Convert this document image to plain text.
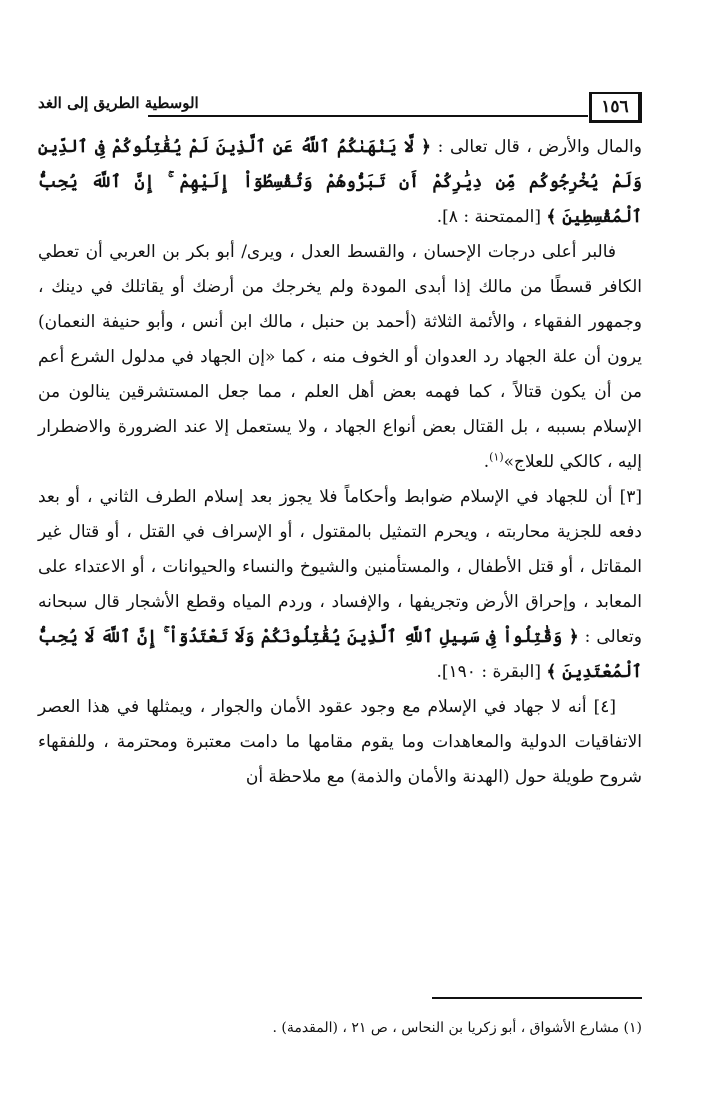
١٥٦
الوسطية الطريق إلى الغد

والمال والأرض ، قال تعالى : ﴿ لَّا يَنْهَىٰكُمُ ٱللَّهُ عَنِ ٱلَّذِينَ لَمْ يُقَٰتِلُوكُمْ فِى ٱلدِّينِ وَلَمْ يُخْرِجُوكُم مِّن دِيَٰرِكُمْ أَن تَبَرُّوهُمْ وَتُقْسِطُوٓاْ إِلَيْهِمْ ۚ إِنَّ ٱللَّهَ يُحِبُّ ٱلْمُقْسِطِينَ ﴾ [الممتحنة : ٨].

فالبر أعلى درجات الإحسان ، والقسط العدل ، ويرى/ أبو بكر بن العربي أن تعطي الكافر قسطًا من مالك إذا أبدى المودة ولم يخرجك من أرضك أو يقاتلك في دينك ، وجمهور الفقهاء ، والأئمة الثلاثة (أحمد بن حنبل ، مالك ابن أنس ، وأبو حنيفة النعمان) يرون أن علة الجهاد رد العدوان أو الخوف منه ، كما «إن الجهاد في مدلول الشرع أعم من أن يكون قتالاً ، كما فهمه بعض أهل العلم ، مما جعل المستشرقين ينالون من الإسلام بسببه ، بل القتال بعض أنواع الجهاد ، ولا يستعمل إلا عند الضرورة والاضطرار إليه ، كالكي للعلاج»$^{(١)}$.

[٣] أن للجهاد في الإسلام ضوابط وأحكاماً فلا يجوز بعد إسلام الطرف الثاني ، أو بعد دفعه للجزية محاربته ، ويحرم التمثيل بالمقتول ، أو الإسراف في القتل ، أو قتال غير المقاتل ، أو قتل الأطفال ، والمستأمنين والشيوخ والنساء والحيوانات ، أو الاعتداء على المعابد ، وإحراق الأرض وتجريفها ، والإفساد ، وردم المياه وقطع الأشجار قال سبحانه وتعالى : ﴿ وَقَٰتِلُواْ فِى سَبِيلِ ٱللَّهِ ٱلَّذِينَ يُقَٰتِلُونَكُمْ وَلَا تَعْتَدُوٓاْ ۚ إِنَّ ٱللَّهَ لَا يُحِبُّ ٱلْمُعْتَدِينَ ﴾ [البقرة : ١٩٠].

[٤] أنه لا جهاد في الإسلام مع وجود عقود الأمان والجوار ، ويمثلها في هذا العصر الاتفاقيات الدولية والمعاهدات وما يقوم مقامها ما دامت معتبرة ومحترمة ، وللفقهاء شروح طويلة حول (الهدنة والأمان والذمة) مع ملاحظة أن

(١) مشارع الأشواق ، أبو زكريا بن النحاس ، ص ٢١ ، (المقدمة) .
